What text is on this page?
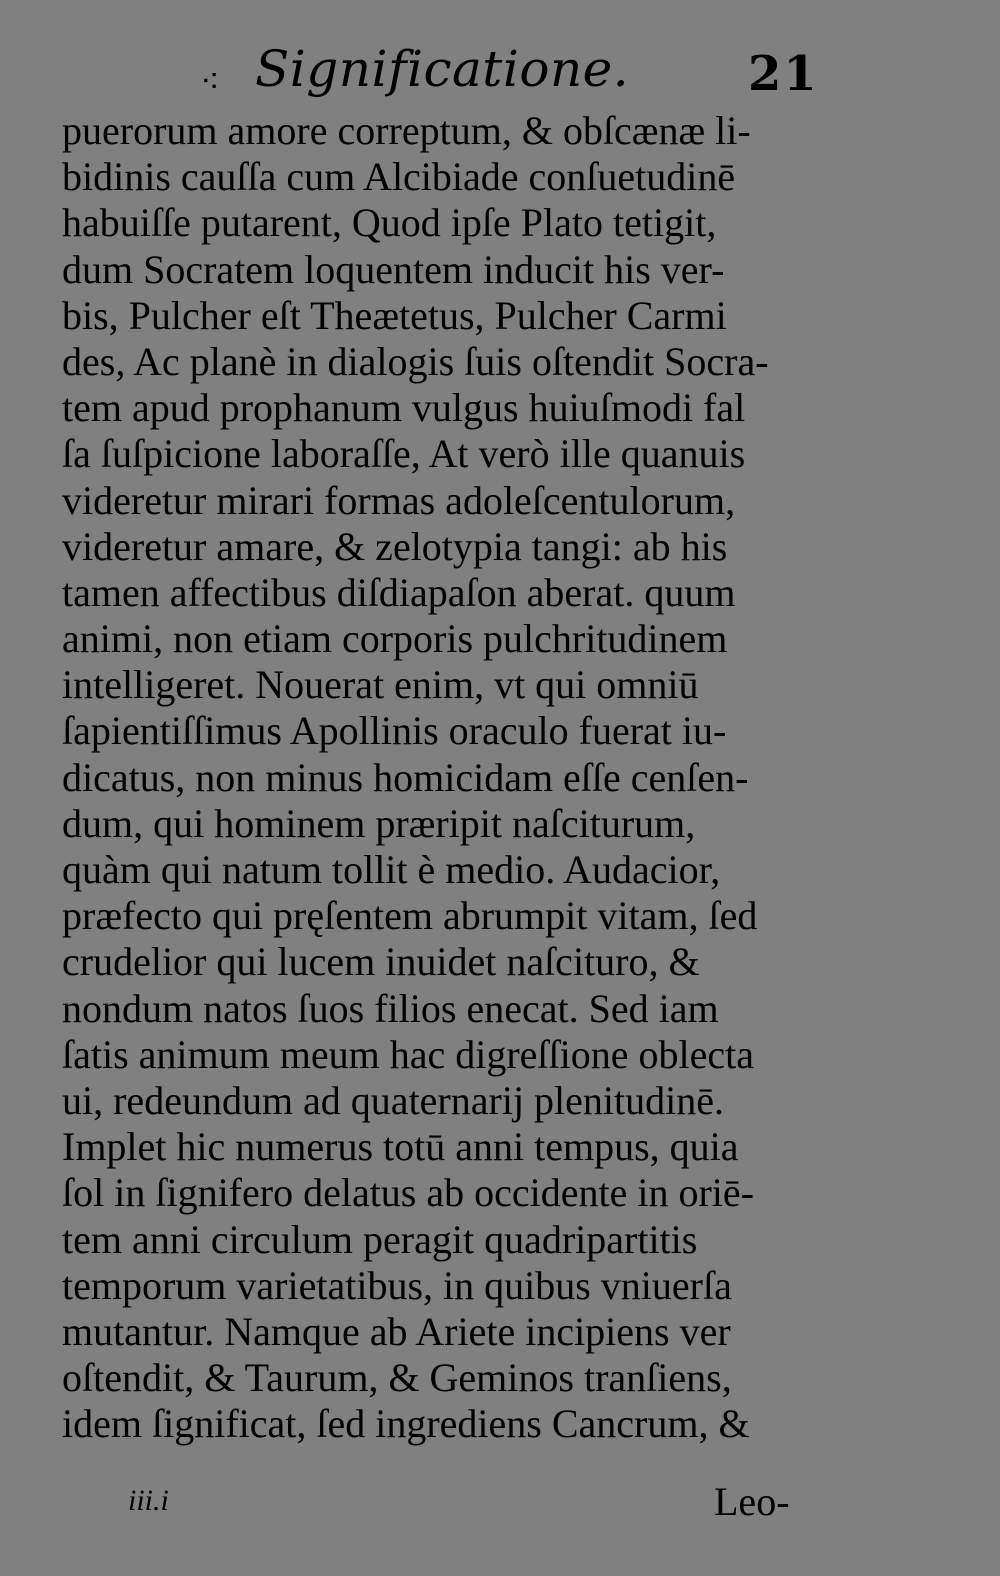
⁖ Significatione. 21
puerorum amore correptum, & obſcænæ li-
bidinis cauſſa cum Alcibiade conſuetudinē
habuiſſe putarent, Quod ipſe Plato tetigit,
dum Socratem loquentem inducit his ver-
bis, Pulcher eſt Theætetus, Pulcher Carmi
des, Ac planè in dialogis ſuis oſtendit Socra-
tem apud prophanum vulgus huiuſmodi fal
ſa ſuſpicione laboraſſe, At verò ille quanuis
videretur mirari formas adoleſcentulorum,
videretur amare, & zelotypia tangi: ab his
tamen affectibus diſdiapaſon aberat. quum
animi, non etiam corporis pulchritudinem
intelligeret. Nouerat enim, vt qui omniū
ſapientiſſimus Apollinis oraculo fuerat iu-
dicatus, non minus homicidam eſſe cenſen-
dum, qui hominem præripit naſciturum,
quàm qui natum tollit è medio. Audacior,
præfecto qui pręſentem abrumpit vitam, ſed
crudelior qui lucem inuidet naſcituro, &
nondum natos ſuos filios enecat. Sed iam
ſatis animum meum hac digreſſione oblecta
ui, redeundum ad quaternarij plenitudinē.
Implet hic numerus totū anni tempus, quia
ſol in ſignifero delatus ab occidente in oriē-
tem anni circulum peragit quadripartitis
temporum varietatibus, in quibus vniuerſa
mutantur. Namque ab Ariete incipiens ver
oſtendit, & Taurum, & Geminos tranſiens,
idem ſignificat, ſed ingrediens Cancrum, &
iii.i	Leo-
